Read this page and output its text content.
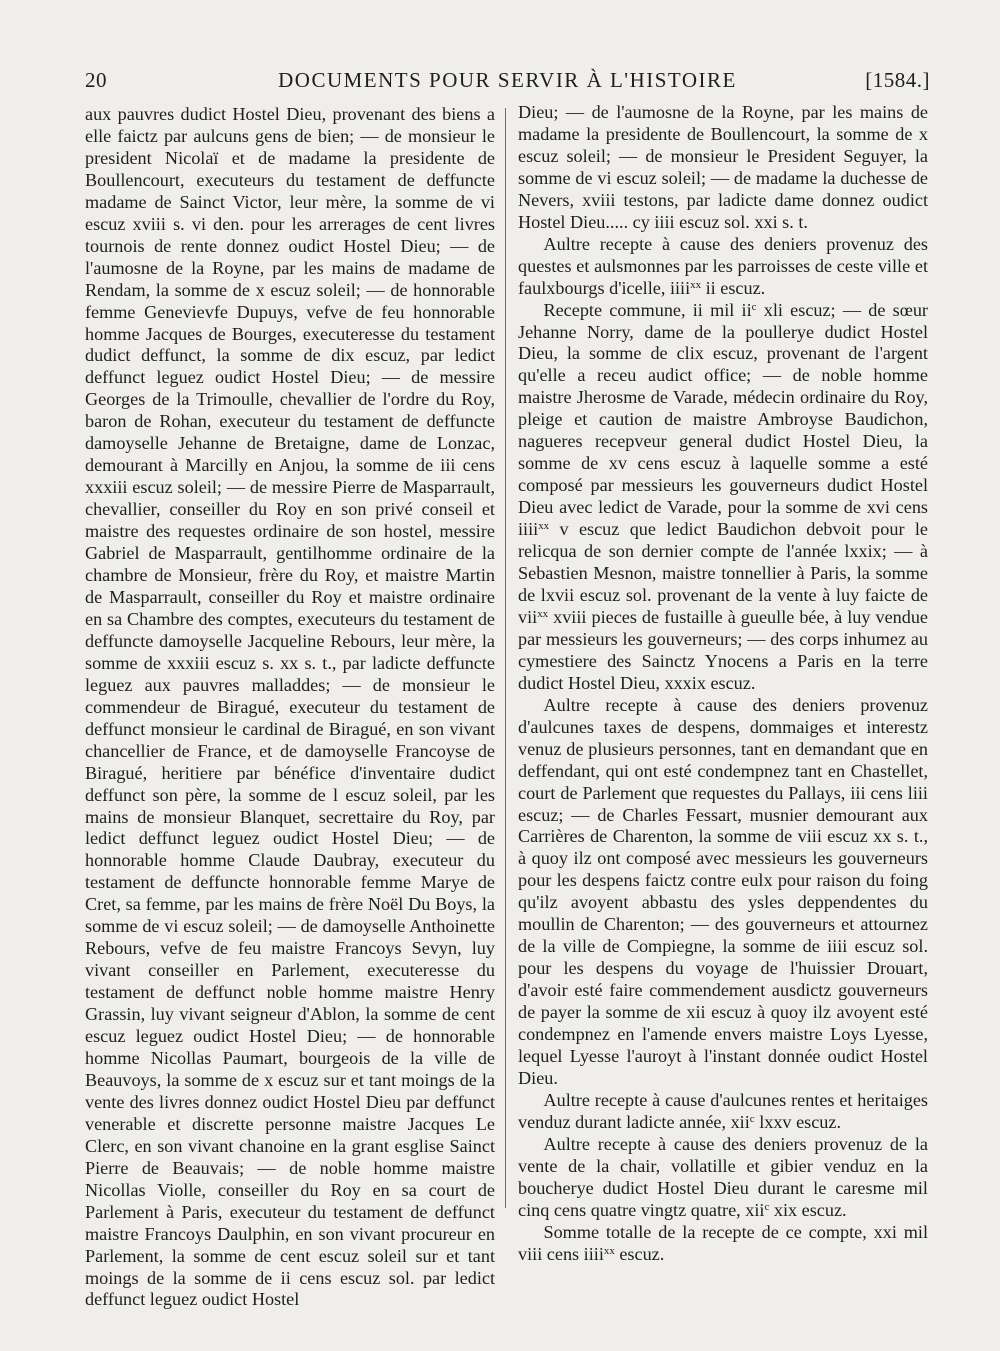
20	DOCUMENTS POUR SERVIR À L'HISTOIRE	[1584.]

aux pauvres dudict Hostel Dieu, provenant des biens a elle faictz par aulcuns gens de bien; — de monsieur le president Nicolaï et de madame la presidente de Boullencourt, executeurs du testament de deffuncte madame de Sainct Victor, leur mère, la somme de vi escuz xviii s. vi den. pour les arrerages de cent livres tournois de rente donnez oudict Hostel Dieu; — de l'aumosne de la Royne, par les mains de madame de Rendam, la somme de x escuz soleil; — de honnorable femme Genevievfe Dupuys, vefve de feu honnorable homme Jacques de Bourges, executeresse du testament dudict deffunct, la somme de dix escuz, par ledict deffunct leguez oudict Hostel Dieu; — de messire Georges de la Trimoulle, chevallier de l'ordre du Roy, baron de Rohan, executeur du testament de deffuncte damoyselle Jehanne de Bretaigne, dame de Lonzac, demourant à Marcilly en Anjou, la somme de iii cens xxxiii escuz soleil; — de messire Pierre de Masparrault, chevallier, conseiller du Roy en son privé conseil et maistre des requestes ordinaire de son hostel, messire Gabriel de Masparrault, gentilhomme ordinaire de la chambre de Monsieur, frère du Roy, et maistre Martin de Masparrault, conseiller du Roy et maistre ordinaire en sa Chambre des comptes, executeurs du testament de deffuncte damoyselle Jacqueline Rebours, leur mère, la somme de xxxiii escuz s. xx s. t., par ladicte deffuncte leguez aux pauvres malladdes; — de monsieur le commendeur de Biragué, executeur du testament de deffunct monsieur le cardinal de Biragué, en son vivant chancellier de France, et de damoyselle Francoyse de Biragué, heritiere par bénéfice d'inventaire dudict deffunct son père, la somme de l escuz soleil, par les mains de monsieur Blanquet, secrettaire du Roy, par ledict deffunct leguez oudict Hostel Dieu; — de honnorable homme Claude Daubray, executeur du testament de deffuncte honnorable femme Marye de Cret, sa femme, par les mains de frère Noël Du Boys, la somme de vi escuz soleil; — de damoyselle Anthoinette Rebours, vefve de feu maistre Francoys Sevyn, luy vivant conseiller en Parlement, executeresse du testament de deffunct noble homme maistre Henry Grassin, luy vivant seigneur d'Ablon, la somme de cent escuz leguez oudict Hostel Dieu; — de honnorable homme Nicollas Paumart, bourgeois de la ville de Beauvoys, la somme de x escuz sur et tant moings de la vente des livres donnez oudict Hostel Dieu par deffunct venerable et discrette personne maistre Jacques Le Clerc, en son vivant chanoine en la grant esglise Sainct Pierre de Beauvais; — de noble homme maistre Nicollas Violle, conseiller du Roy en sa court de Parlement à Paris, executeur du testament de deffunct maistre Francoys Daulphin, en son vivant procureur en Parlement, la somme de cent escuz soleil sur et tant moings de la somme de ii cens escuz sol. par ledict deffunct leguez oudict Hostel

Dieu; — de l'aumosne de la Royne, par les mains de madame la presidente de Boullencourt, la somme de x escuz soleil; — de monsieur le President Seguyer, la somme de vi escuz soleil; — de madame la duchesse de Nevers, xviii testons, par ladicte dame donnez oudict Hostel Dieu..... cy iiii escuz sol. xxi s. t.

Aultre recepte à cause des deniers provenuz des questes et aulsmonnes par les parroisses de ceste ville et faulxbourgs d'icelle, iiii$^{xx}$ ii escuz.

Recepte commune, ii mil $ii^c$ xli escuz; — de sœur Jehanne Norry, dame de la poullerye dudict Hostel Dieu, la somme de clix escuz, provenant de l'argent qu'elle a receu audict office; — de noble homme maistre Jherosme de Varade, médecin ordinaire du Roy, pleige et caution de maistre Ambroyse Baudichon, nagueres recepveur general dudict Hostel Dieu, la somme de xv cens escuz à laquelle somme a esté composé par messieurs les gouverneurs dudict Hostel Dieu avec ledict de Varade, pour la somme de xvi cens iiii$^{xx}$ v escuz que ledict Baudichon debvoit pour le relicqua de son dernier compte de l'année lxxix; — à Sebastien Mesnon, maistre tonnellier à Paris, la somme de lxvii escuz sol. provenant de la vente à luy faicte de vii$^{xx}$ xviii pieces de fustaille à gueulle bée, à luy vendue par messieurs les gouverneurs; — des corps inhumez au cymestiere des Sainctz Ynocens a Paris en la terre dudict Hostel Dieu, xxxix escuz.

Aultre recepte à cause des deniers provenuz d'aulcunes taxes de despens, dommaiges et interestz venuz de plusieurs personnes, tant en demandant que en deffendant, qui ont esté condempnez tant en Chastellet, court de Parlement que requestes du Pallays, iii cens liii escuz; — de Charles Fessart, musnier demourant aux Carrières de Charenton, la somme de viii escuz xx s. t., à quoy ilz ont composé avec messieurs les gouverneurs pour les despens faictz contre eulx pour raison du foing qu'ilz avoyent abbastu des ysles deppendentes du moullin de Charenton; — des gouverneurs et attournez de la ville de Compiegne, la somme de iiii escuz sol. pour les despens du voyage de l'huissier Drouart, d'avoir esté faire commendement ausdictz gouverneurs de payer la somme de xii escuz à quoy ilz avoyent esté condempnez en l'amende envers maistre Loys Lyesse, lequel Lyesse l'auroyt à l'instant donnée oudict Hostel Dieu.

Aultre recepte à cause d'aulcunes rentes et heritaiges venduz durant ladicte année, xii$^c$ lxxv escuz.

Aultre recepte à cause des deniers provenuz de la vente de la chair, vollatille et gibier venduz en la boucherye dudict Hostel Dieu durant le caresme mil cinq cens quatre vingtz quatre, xii$^c$ xix escuz.

Somme totalle de la recepte de ce compte, xxi mil viii cens iiii$^{xx}$ escuz.
